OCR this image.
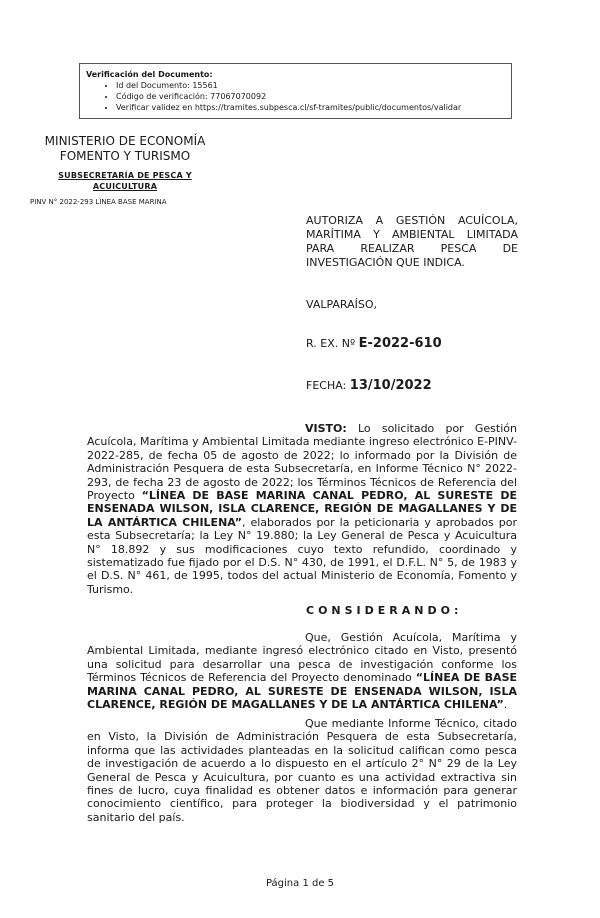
Verificación del Documento:
• Id del Documento: 15561
• Código de verificación: 77067070092
• Verificar validez en https://tramites.subpesca.cl/sf-tramites/public/documentos/validar
MINISTERIO DE ECONOMÍA
FOMENTO Y TURISMO
SUBSECRETARÍA DE PESCA Y ACUICULTURA
PINV N° 2022-293 LÍNEA BASE MARINA
AUTORIZA A GESTIÓN ACUÍCOLA, MARÍTIMA Y AMBIENTAL LIMITADA PARA REALIZAR PESCA DE INVESTIGACIÓN QUE INDICA.
VALPARAÍSO,
R. EX. Nº E-2022-610
FECHA: 13/10/2022

VISTO: Lo solicitado por Gestión Acuícola, Marítima y Ambiental Limitada mediante ingreso electrónico E-PINV-2022-285, de fecha 05 de agosto de 2022; lo informado por la División de Administración Pesquera de esta Subsecretaría, en Informe Técnico N° 2022-293, de fecha 23 de agosto de 2022; los Términos Técnicos de Referencia del Proyecto “LÍNEA DE BASE MARINA CANAL PEDRO, AL SURESTE DE ENSENADA WILSON, ISLA CLARENCE, REGIÓN DE MAGALLANES Y DE LA ANTÁRTICA CHILENA”, elaborados por la peticionaria y aprobados por esta Subsecretaría; la Ley N° 19.880; la Ley General de Pesca y Acuicultura N° 18.892 y sus modificaciones cuyo texto refundido, coordinado y sistematizado fue fijado por el D.S. N° 430, de 1991, el D.F.L. N° 5, de 1983 y el D.S. N° 461, de 1995, todos del actual Ministerio de Economía, Fomento y Turismo.

CONSIDERANDO:

Que, Gestión Acuícola, Marítima y Ambiental Limitada, mediante ingresó electrónico citado en Visto, presentó una solicitud para desarrollar una pesca de investigación conforme los Términos Técnicos de Referencia del Proyecto denominado “LÍNEA DE BASE MARINA CANAL PEDRO, AL SURESTE DE ENSENADA WILSON, ISLA CLARENCE, REGIÓN DE MAGALLANES Y DE LA ANTÁRTICA CHILENA”.

Que mediante Informe Técnico, citado en Visto, la División de Administración Pesquera de esta Subsecretaría, informa que las actividades planteadas en la solicitud califican como pesca de investigación de acuerdo a lo dispuesto en el artículo 2° N° 29 de la Ley General de Pesca y Acuicultura, por cuanto es una actividad extractiva sin fines de lucro, cuya finalidad es obtener datos e información para generar conocimiento científico, para proteger la biodiversidad y el patrimonio sanitario del país.

Página 1 de 5
